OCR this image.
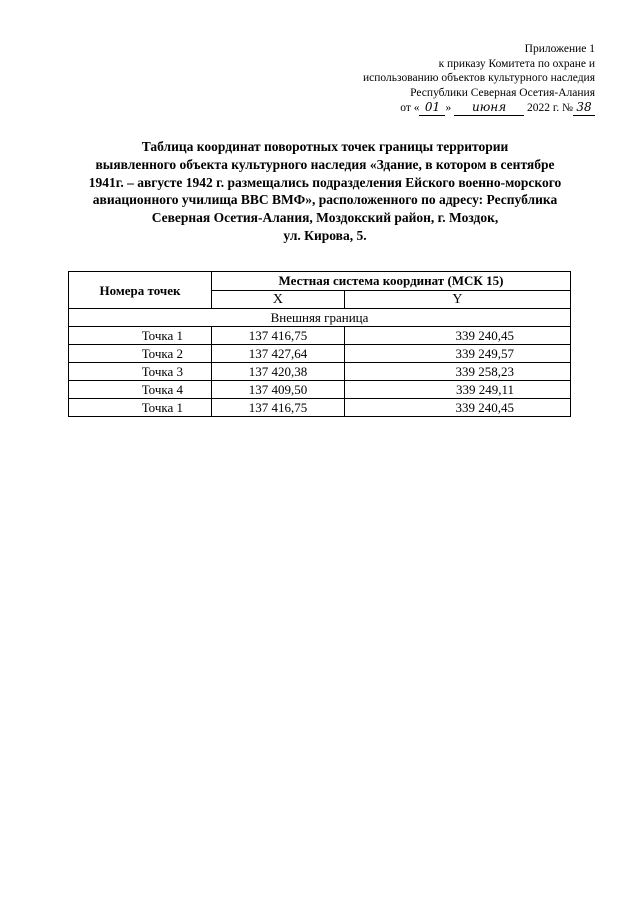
Приложение 1
к приказу Комитета по охране и
использованию объектов культурного наследия
Республики Северная Осетия-Алания
от « 01 » июня 2022 г. № 38
Таблица координат поворотных точек границы территории
выявленного объекта культурного наследия «Здание, в котором в сентябре
1941г. – августе 1942 г. размещались подразделения Ейского военно-морского
авиационного училища ВВС ВМФ», расположенного по адресу: Республика
Северная Осетия-Алания, Моздокский район, г. Моздок,
ул. Кирова, 5.
Номера точек	Местная система координат (МСК 15)	
	X	Y
Внешняя граница		
Точка 1	137 416,75	339 240,45
Точка 2	137 427,64	339 249,57
Точка 3	137 420,38	339 258,23
Точка 4	137 409,50	339 249,11
Точка 1	137 416,75	339 240,45
